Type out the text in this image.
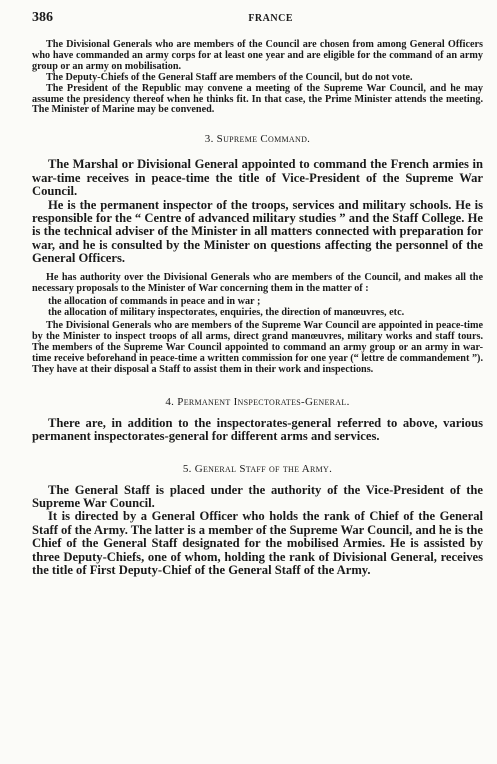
386	FRANCE

The Divisional Generals who are members of the Council are chosen from among General Officers who have commanded an army corps for at least one year and are eligible for the command of an army group or an army on mobilisation.

The Deputy-Chiefs of the General Staff are members of the Council, but do not vote.

The President of the Republic may convene a meeting of the Supreme War Council, and he may assume the presidency thereof when he thinks fit. In that case, the Prime Minister attends the meeting. The Minister of Marine may be convened.

3. Supreme Command.

The Marshal or Divisional General appointed to command the French armies in war-time receives in peace-time the title of Vice-President of the Supreme War Council.

He is the permanent inspector of the troops, services and military schools. He is responsible for the “ Centre of advanced military studies ” and the Staff College. He is the technical adviser of the Minister in all matters connected with preparation for war, and he is consulted by the Minister on questions affecting the personnel of the General Officers.

He has authority over the Divisional Generals who are members of the Council, and makes all the necessary proposals to the Minister of War concerning them in the matter of :

the allocation of commands in peace and in war ;
the allocation of military inspectorates, enquiries, the direction of manœuvres, etc.

The Divisional Generals who are members of the Supreme War Council are appointed in peace-time by the Minister to inspect troops of all arms, direct grand manœuvres, military works and staff tours. The members of the Supreme War Council appointed to command an army group or an army in war-time receive beforehand in peace-time a written commission for one year (“ lettre de commandement ”). They have at their disposal a Staff to assist them in their work and inspections.

4. Permanent Inspectorates-General.

There are, in addition to the inspectorates-general referred to above, various permanent inspectorates-general for different arms and services.

5. General Staff of the Army.

The General Staff is placed under the authority of the Vice-President of the Supreme War Council.

It is directed by a General Officer who holds the rank of Chief of the General Staff of the Army. The latter is a member of the Supreme War Council, and he is the Chief of the General Staff designated for the mobilised Armies. He is assisted by three Deputy-Chiefs, one of whom, holding the rank of Divisional General, receives the title of First Deputy-Chief of the General Staff of the Army.
